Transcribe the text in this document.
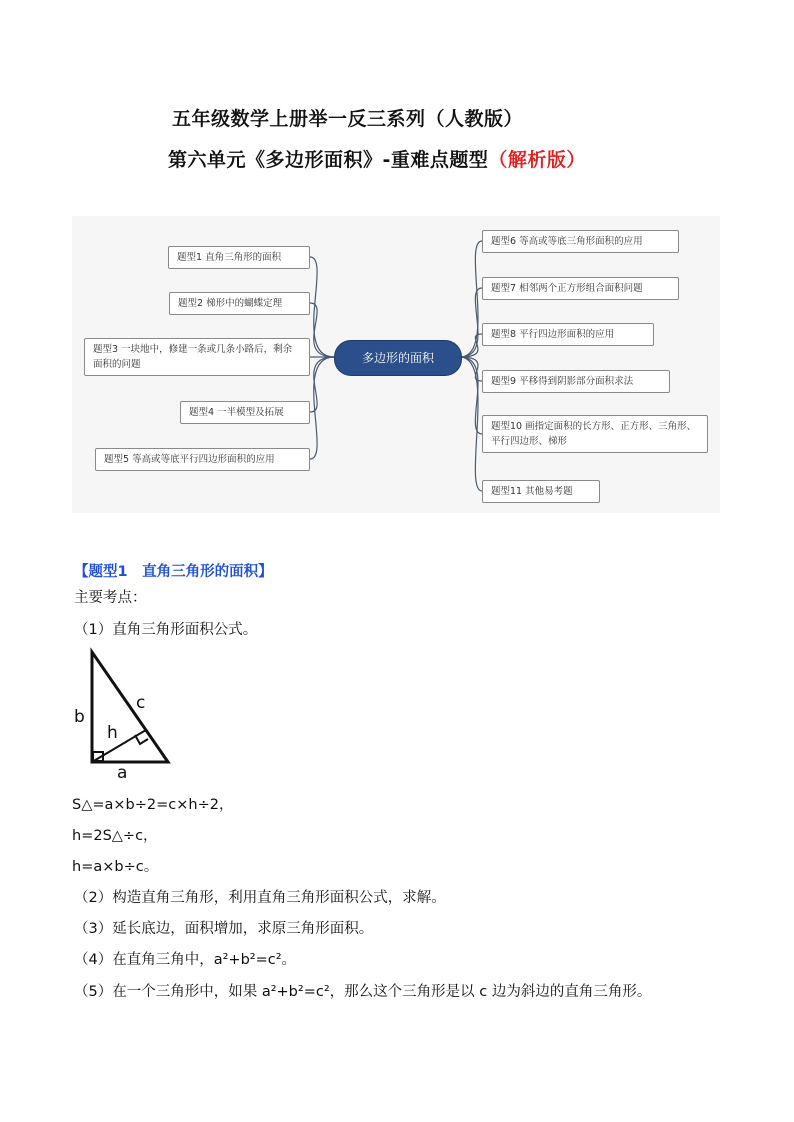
五年级数学上册举一反三系列（人教版）
第六单元《多边形面积》-重难点题型（解析版）
多边形的面积
题型1 直角三角形的面积
题型2 梯形中的蝴蝶定理
题型3 一块地中，修建一条或几条小路后，剩余面积的问题
题型4 一半模型及拓展
题型5 等高或等底平行四边形面积的应用
题型6 等高或等底三角形面积的应用
题型7 相邻两个正方形组合面积问题
题型8 平行四边形面积的应用
题型9 平移得到阴影部分面积求法
题型10 画指定面积的长方形、正方形、三角形、平行四边形、梯形
题型11 其他易考题
【题型1　直角三角形的面积】
主要考点：
（1）直角三角形面积公式。
b
c
h
a
S△=a×b÷2=c×h÷2，
h=2S△÷c，
h=a×b÷c。
（2）构造直角三角形，利用直角三角形面积公式，求解。
（3）延长底边，面积增加，求原三角形面积。
（4）在直角三角中，a²+b²=c²。
（5）在一个三角形中，如果 a²+b²=c²，那么这个三角形是以 c 边为斜边的直角三角形。
